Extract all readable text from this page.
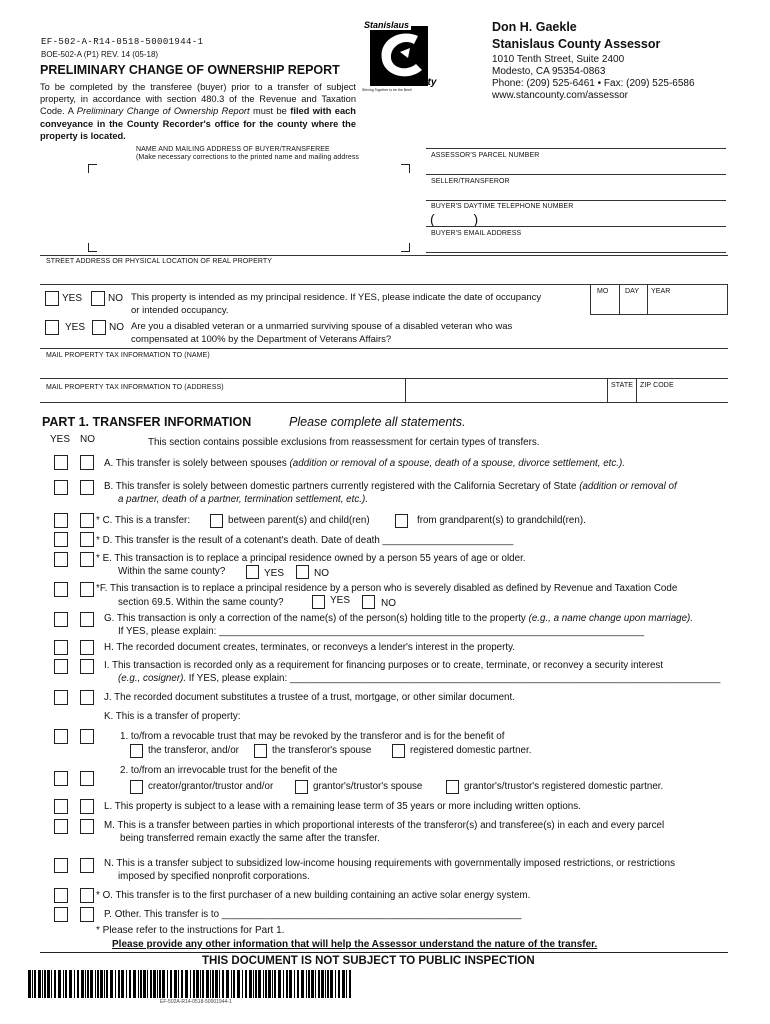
EF-502-A-R14-0518-50001944-1
BOE-502-A (P1) REV. 14 (05-18)
PRELIMINARY CHANGE OF OWNERSHIP REPORT
To be completed by the transferee (buyer) prior to a transfer of subject property, in accordance with section 480.3 of the Revenue and Taxation Code. A Preliminary Change of Ownership Report must be filed with each conveyance in the County Recorder's office for the county where the property is located.
Stanislaus
County
Striving Together to be the Best!
Don H. Gaekle
Stanislaus County Assessor
1010 Tenth Street, Suite 2400
Modesto, CA 95354-0863
Phone: (209) 525-6461 • Fax: (209) 525-6586
www.stancounty.com/assessor
NAME AND MAILING ADDRESS OF BUYER/TRANSFEREE
(Make necessary corrections to the printed name and mailing address	ASSESSOR'S PARCEL NUMBER
SELLER/TRANSFEROR
BUYER'S DAYTIME TELEPHONE NUMBER
(          )
BUYER'S EMAIL ADDRESS
STREET ADDRESS OR PHYSICAL LOCATION OF REAL PROPERTY
YES	NO This property is intended as my principal residence. If YES, please indicate the date of occupancy
or intended occupancy.
MO DAY YEAR
YES NO Are you a disabled veteran or a unmarried surviving spouse of a disabled veteran who was
compensated at 100% by the Department of Veterans Affairs?
MAIL PROPERTY TAX INFORMATION TO (NAME)
MAIL PROPERTY TAX INFORMATION TO (ADDRESS)	STATE ZIP CODE
PART 1. TRANSFER INFORMATION	Please complete all statements.
YES NO	This section contains possible exclusions from reassessment for certain types of transfers.
A. This transfer is solely between spouses (addition or removal of a spouse, death of a spouse, divorce settlement, etc.).
B. This transfer is solely between domestic partners currently registered with the California Secretary of State (addition or removal of
a partner, death of a partner, termination settlement, etc.).
* C. This is a transfer:	between parent(s) and child(ren)	from grandparent(s) to grandchild(ren).
* D. This transfer is the result of a cotenant's death. Date of death ________________________
* E. This transaction is to replace a principal residence owned by a person 55 years of age or older.
Within the same county?	YES	NO
*F. This transaction is to replace a principal residence by a person who is severely disabled as defined by Revenue and Taxation Code
section 69.5. Within the same county?	YES	NO
G. This transaction is only a correction of the name(s) of the person(s) holding title to the property (e.g., a name change upon marriage).
If YES, please explain: ______________________________________________________________________________
H. The recorded document creates, terminates, or reconveys a lender's interest in the property.
I. This transaction is recorded only as a requirement for financing purposes or to create, terminate, or reconvey a security interest
(e.g., cosigner). If YES, please explain: _______________________________________________________________________________
J. The recorded document substitutes a trustee of a trust, mortgage, or other similar document.
K. This is a transfer of property:
1. to/from a revocable trust that may be revoked by the transferor and is for the benefit of
the transferor, and/or	the transferor's spouse	registered domestic partner.
2. to/from an irrevocable trust for the benefit of the
creator/grantor/trustor and/or	grantor's/trustor's spouse	grantor's/trustor's registered domestic partner.
L. This property is subject to a lease with a remaining lease term of 35 years or more including written options.
M. This is a transfer between parties in which proportional interests of the transferor(s) and transferee(s) in each and every parcel
being transferred remain exactly the same after the transfer.
N. This is a transfer subject to subsidized low-income housing requirements with governmentally imposed restrictions, or restrictions
imposed by specified nonprofit corporations.
* O. This transfer is to the first purchaser of a new building containing an active solar energy system.
P. Other. This transfer is to _______________________________________________________
* Please refer to the instructions for Part 1.
Please provide any other information that will help the Assessor understand the nature of the transfer.
THIS DOCUMENT IS NOT SUBJECT TO PUBLIC INSPECTION
EF-502A-R14-0518-50001944-1
